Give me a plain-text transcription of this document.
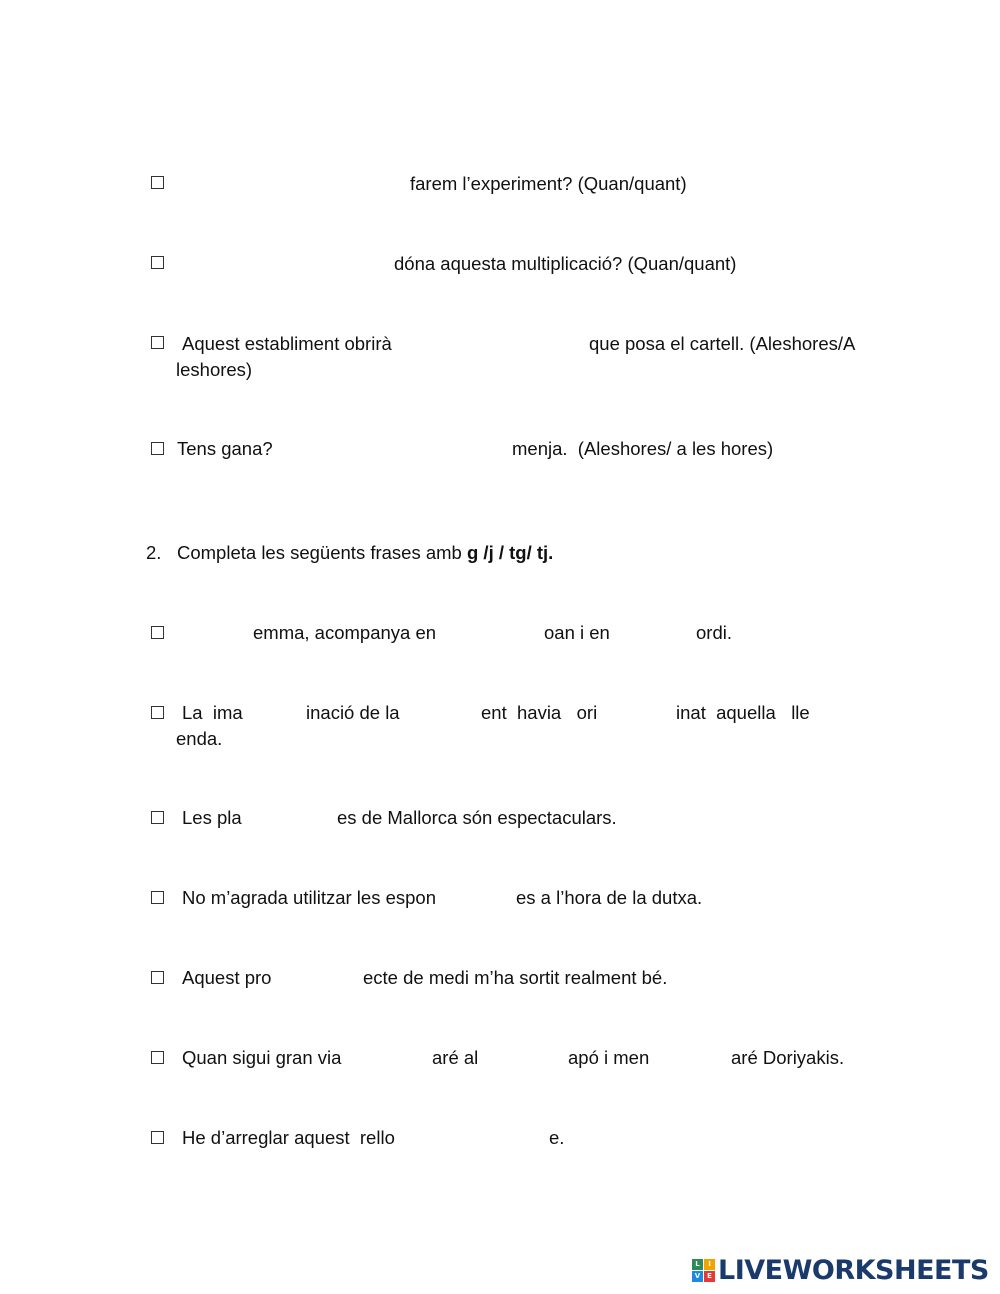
farem l’experiment? (Quan/quant)
dóna aquesta multiplicació? (Quan/quant)
Aquest establiment obrirà	que posa el cartell. (Aleshores/A
leshores)
Tens gana?	menja.  (Aleshores/ a les hores)
2. Completa les següents frases amb g /j / tg/ tj.
emma, acompanya en	oan i en	ordi.
La  ima	inació de la	ent  havia   ori	inat  aquella   lle
enda.
Les pla	es de Mallorca són espectaculars.
No m’agrada utilitzar les espon	es a l’hora de la dutxa.
Aquest pro	ecte de medi m’ha sortit realment bé.
Quan sigui gran via	aré al	apó i men	aré Doriyakis.
He d’arreglar aquest  rello	e.
L	I
V E LIVEWORKSHEETS
